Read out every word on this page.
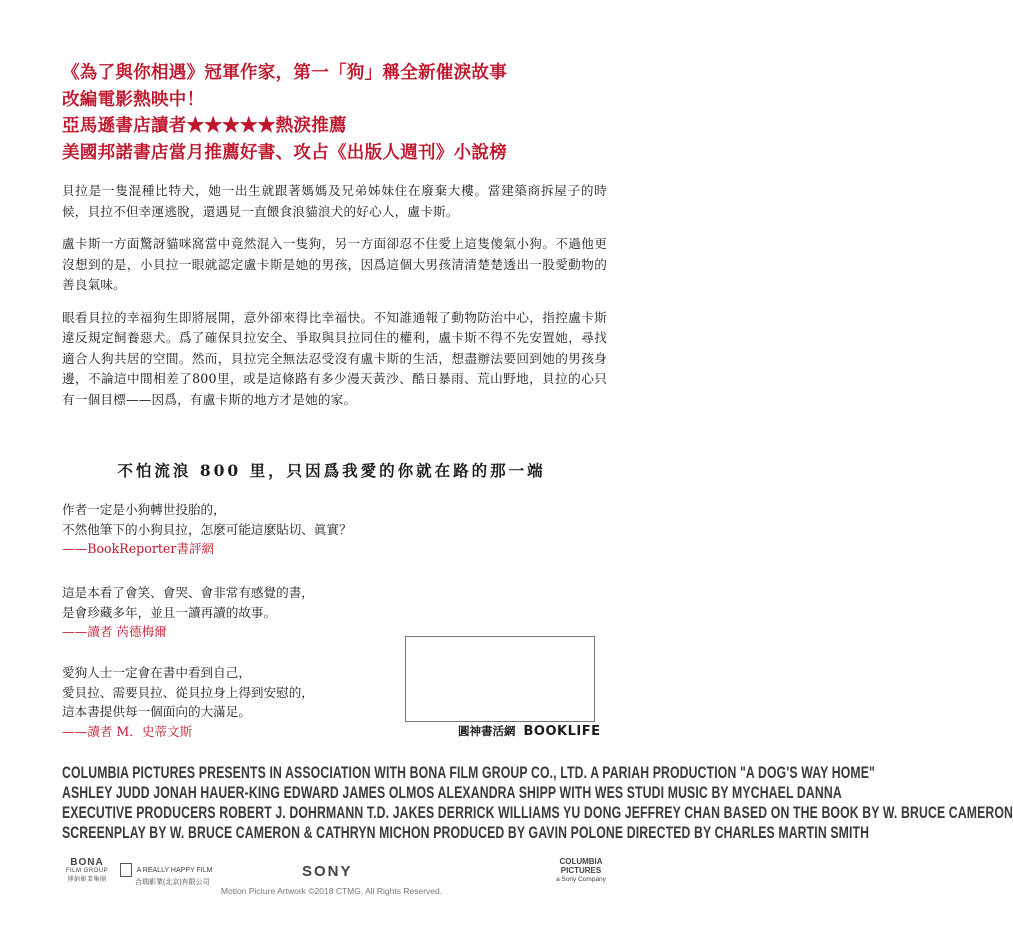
《為了與你相遇》冠軍作家，第一「狗」稱全新催淚故事
改編電影熱映中！
亞馬遜書店讀者★★★★★熱淚推薦
美國邦諾書店當月推薦好書、攻占《出版人週刊》小說榜

貝拉是一隻混種比特犬，她一出生就跟著媽媽及兄弟姊妹住在廢棄大樓。當建築商拆屋子的時候，貝拉不但幸運逃脫，還遇見一直餵食浪貓浪犬的好心人，盧卡斯。

盧卡斯一方面驚訝貓咪窩當中竟然混入一隻狗，另一方面卻忍不住愛上這隻傻氣小狗。不過他更沒想到的是，小貝拉一眼就認定盧卡斯是她的男孩，因爲這個大男孩清清楚楚透出一股愛動物的善良氣味。

眼看貝拉的幸福狗生即將展開，意外卻來得比幸福快。不知誰通報了動物防治中心，指控盧卡斯違反規定飼養惡犬。爲了確保貝拉安全、爭取與貝拉同住的權利，盧卡斯不得不先安置她，尋找適合人狗共居的空間。然而，貝拉完全無法忍受沒有盧卡斯的生活，想盡辦法要回到她的男孩身邊，不論這中間相差了800里，或是這條路有多少漫天黃沙、酷日暴雨、荒山野地，貝拉的心只有一個目標——因爲，有盧卡斯的地方才是她的家。

不怕流浪 800 里，只因爲我愛的你就在路的那一端
作者一定是小狗轉世投胎的，
不然他筆下的小狗貝拉，怎麼可能這麼貼切、眞實？
——BookReporter書評網
這是本看了會笑、會哭、會非常有感覺的書，
是會珍藏多年，並且一讀再讀的故事。
——讀者 芮德梅爾
愛狗人士一定會在書中看到自己，
愛貝拉、需要貝拉、從貝拉身上得到安慰的，
這本書提供每一個面向的大滿足。
——讀者 M．史蒂文斯	圓神書活網 BOOKLIFE
COLUMBIA PICTURES PRESENTS IN ASSOCIATION WITH BONA FILM GROUP CO., LTD. A PARIAH PRODUCTION "A DOG'S WAY HOME"
ASHLEY JUDD JONAH HAUER-KING EDWARD JAMES OLMOS ALEXANDRA SHIPP WITH WES STUDI MUSIC BY MYCHAEL DANNA
EXECUTIVE PRODUCERS ROBERT J. DOHRMANN T.D. JAKES DERRICK WILLIAMS YU DONG JEFFREY CHAN BASED ON THE BOOK BY W. BRUCE CAMERON
SCREENPLAY BY W. BRUCE CAMERON & CATHRYN MICHON PRODUCED BY GAVIN POLONE DIRECTED BY CHARLES MARTIN SMITH
BONA
FILM GROUP
博納影業集團
A REALLY HAPPY FILM
合瑞影業(北京)有限公司
SONY
COLUMBIA PICTURES
a Sony Company
Motion Picture Artwork ©2018 CTMG. All Rights Reserved.
